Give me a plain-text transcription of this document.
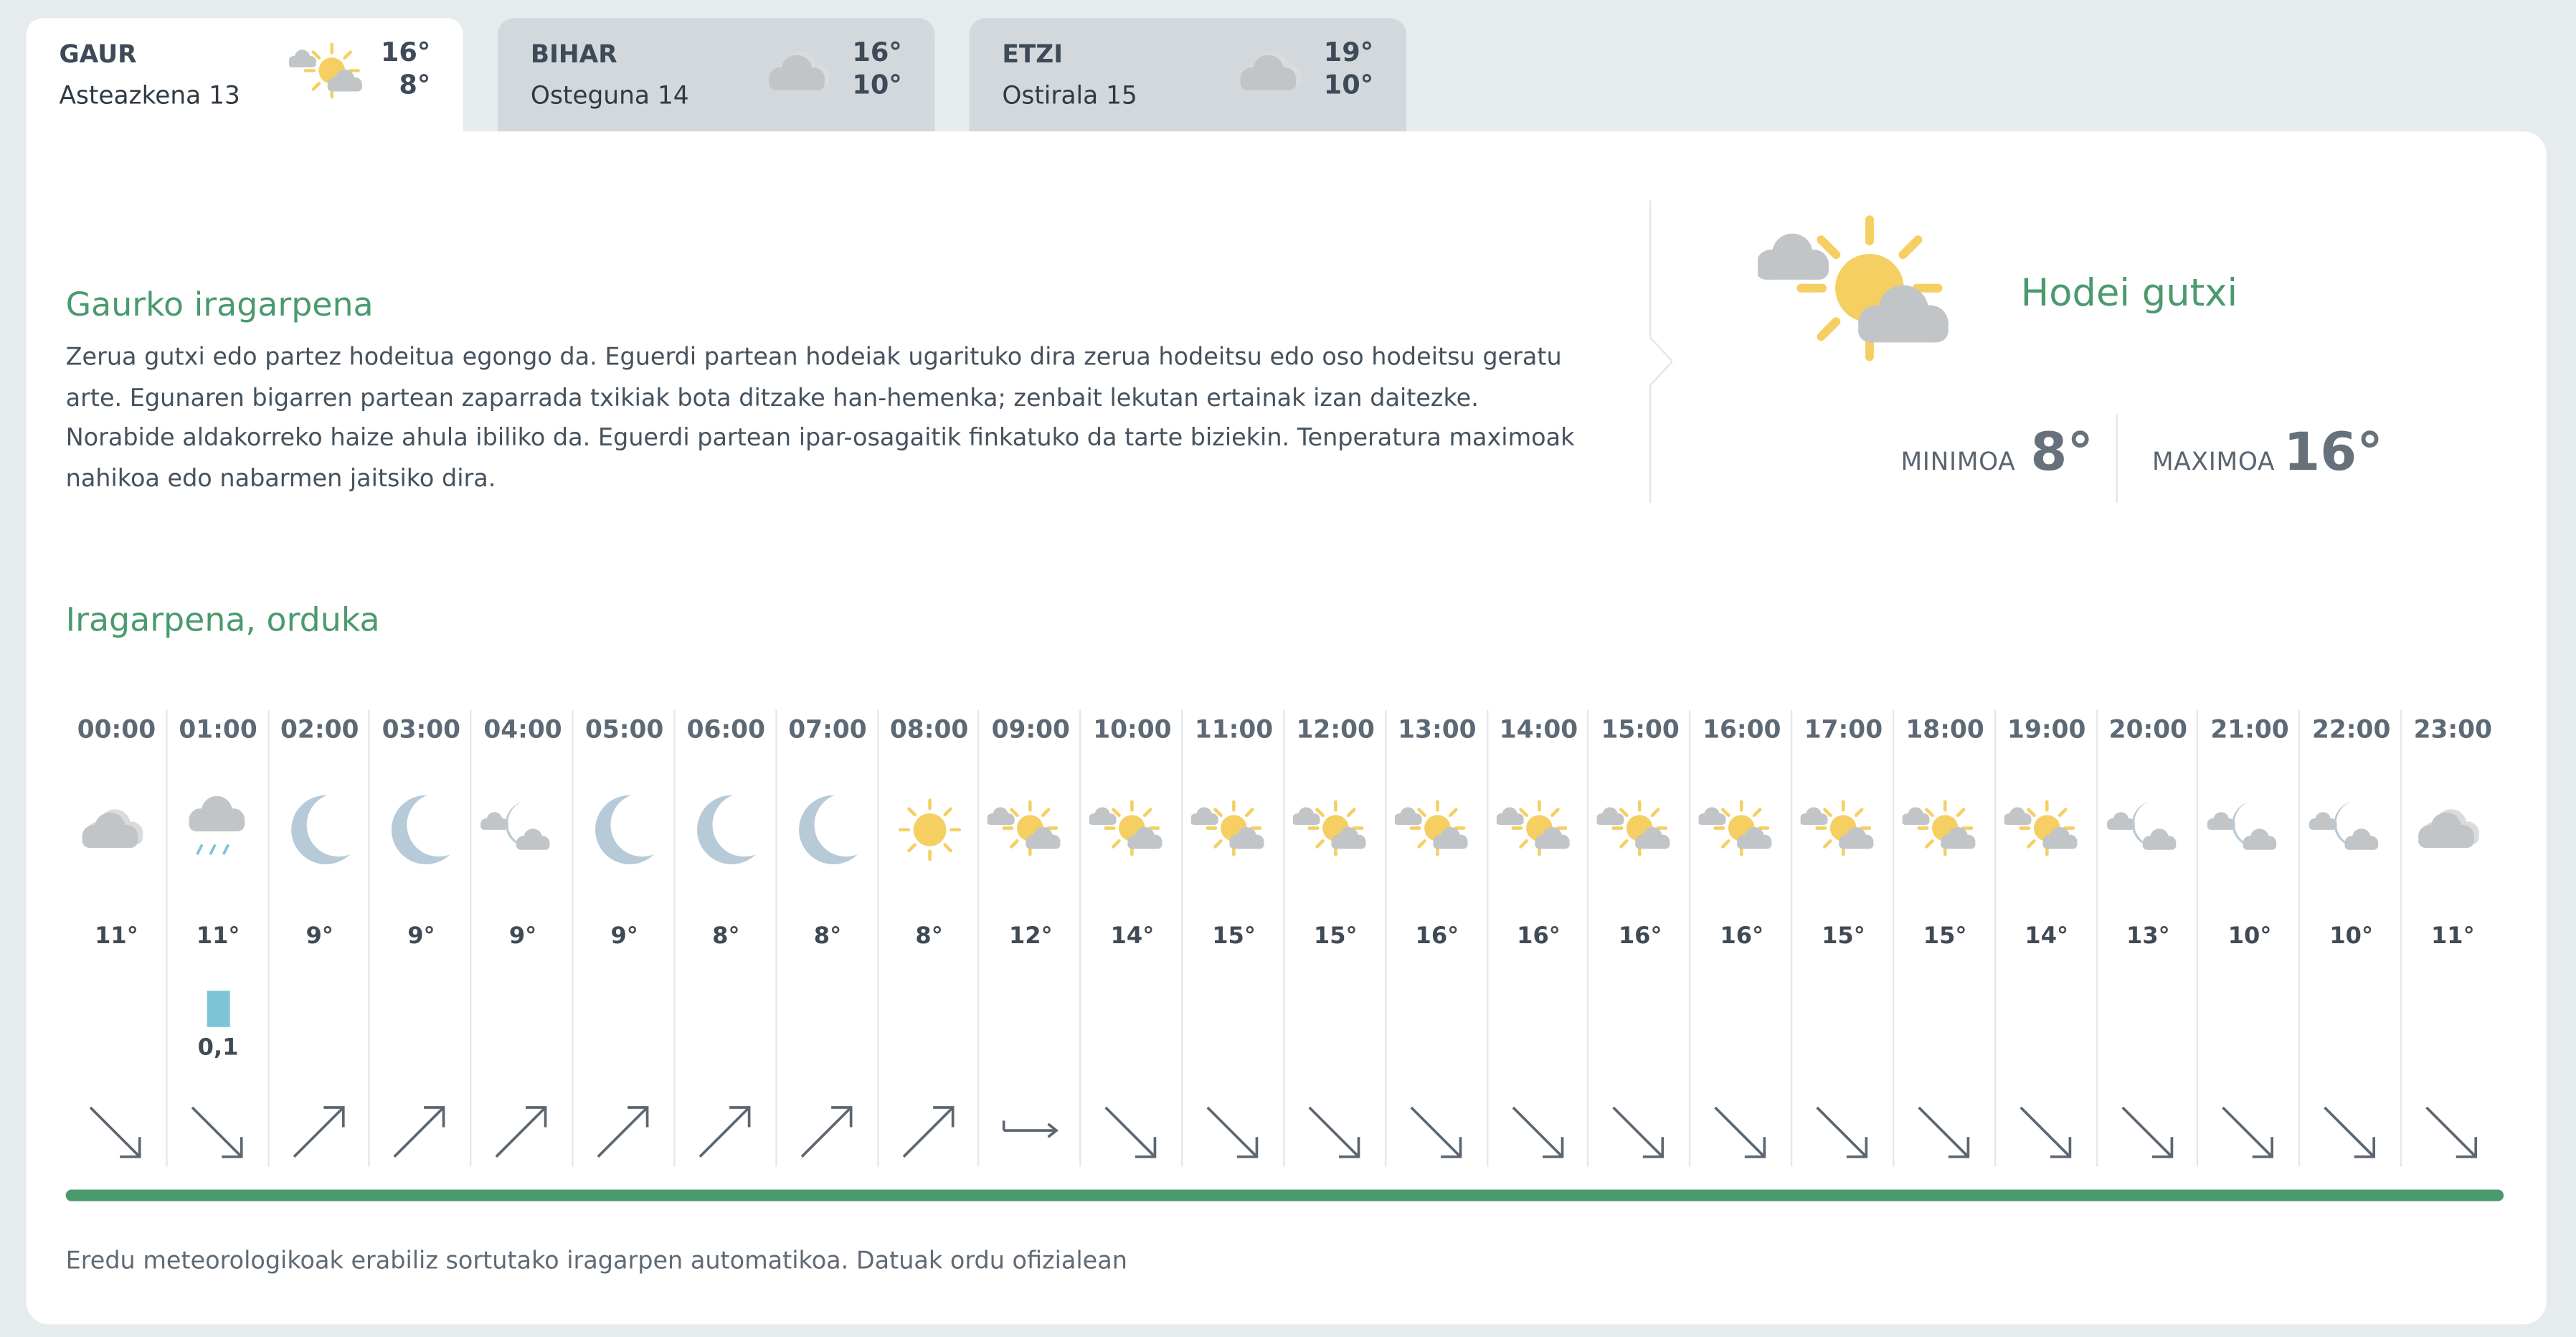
GAUR
Asteazkena 13
16°
8°
BIHAR
Osteguna 14
16°
10°
ETZI
Ostirala 15
19°
10°
Gaurko iragarpena
Zerua gutxi edo partez hodeitua egongo da. Eguerdi partean hodeiak ugarituko dira zerua hodeitsu edo oso hodeitsu geratu arte. Egunaren bigarren partean zaparrada txikiak bota ditzake han-hemenka; zenbait lekutan ertainak izan daitezke. Norabide aldakorreko haize ahula ibiliko da. Eguerdi partean ipar-osagaitik finkatuko da tarte biziekin. Tenperatura maximoak nahikoa edo nabarmen jaitsiko dira.
Hodei gutxi
MINIMOA 8°	MAXIMOA 16°
Iragarpena, orduka
00:00
11°
01:00
11°
0,1
02:00
9°
03:00
9°
04:00
9°
05:00
9°
06:00
8°
07:00
8°
08:00
8°
09:00
12°
10:00
14°
11:00
15°
12:00
15°
13:00
16°
14:00
16°
15:00
16°
16:00
16°
17:00
15°
18:00
15°
19:00
14°
20:00
13°
21:00
10°
22:00
10°
23:00
11°
Eredu meteorologikoak erabiliz sortutako iragarpen automatikoa. Datuak ordu ofizialean
